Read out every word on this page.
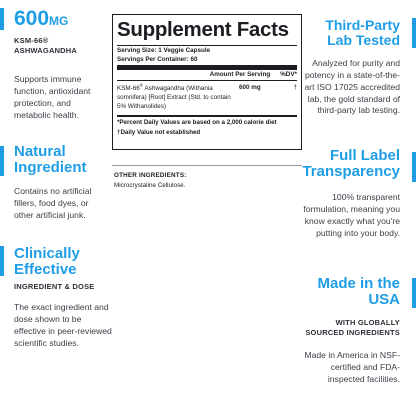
600MG
KSM-66®
ASHWAGANDHA
Supports immune function, antioxidant protection, and metabolic health.
Natural Ingredient
Contains no artificial fillers, food dyes, or other artificial junk.
Clinically Effective
INGREDIENT & DOSE
The exact ingredient and dose shown to be effective in peer-reviewed scientific studies.
Supplement Facts
Serving Size: 1 Veggie Capsule
Servings Per Container: 60
Amount Per Serving %DV*
KSM-66® Ashwagandha (Withania somnifera) [Root] Extract (Std. to contain 5% Withanolides)
600 mg	†
*Percent Daily Values are based on a 2,000 calorie diet
†Daily Value not established
OTHER INGREDIENTS:
Microcrystaline Cellulose.
Third-Party Lab Tested
Analyzed for purity and potency in a state-of-the-art ISO 17025 accredited lab, the gold standard of third-party lab testing.
Full Label Transparency
100% transparent formulation, meaning you know exactly what you're putting into your body.
Made in the USA
WITH GLOBALLY SOURCED INGREDIENTS
Made in America in NSF-certified and FDA-inspected facilities.
